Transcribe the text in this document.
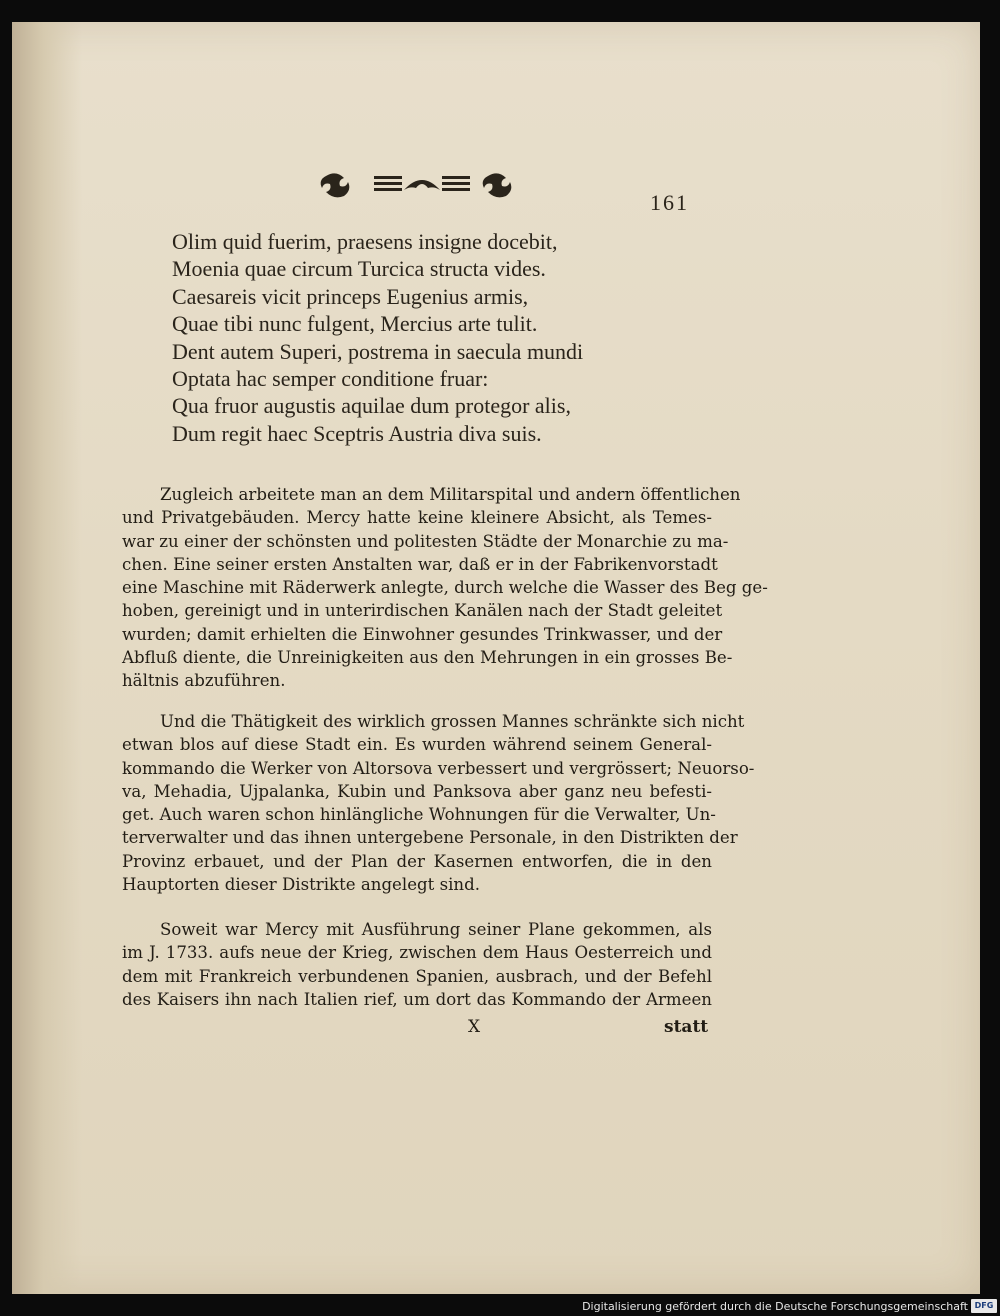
161
Olim quid fuerim, praesens insigne docebit,
Moenia quae circum Turcica structa vides.
Caesareis vicit princeps Eugenius armis,
Quae tibi nunc fulgent, Mercius arte tulit.
Dent autem Superi, postrema in saecula mundi
Optata hac semper conditione fruar:
Qua fruor augustis aquilae dum protegor alis,
Dum regit haec Sceptris Austria diva suis.
Zugleich arbeitete man an dem Militarspital und andern öffentlichen
und Privatgebäuden. Mercy hatte keine kleinere Absicht, als Temes-
war zu einer der schönsten und politesten Städte der Monarchie zu ma-
chen. Eine seiner ersten Anstalten war, daß er in der Fabrikenvorstadt
eine Maschine mit Räderwerk anlegte, durch welche die Wasser des Beg ge-
hoben, gereinigt und in unterirdischen Kanälen nach der Stadt geleitet
wurden; damit erhielten die Einwohner gesundes Trinkwasser, und der
Abfluß diente, die Unreinigkeiten aus den Mehrungen in ein grosses Be-
hältnis abzuführen.
Und die Thätigkeit des wirklich grossen Mannes schränkte sich nicht
etwan blos auf diese Stadt ein. Es wurden während seinem General-
kommando die Werker von Altorsova verbessert und vergrössert; Neuorso-
va, Mehadia, Ujpalanka, Kubin und Panksova aber ganz neu befesti-
get. Auch waren schon hinlängliche Wohnungen für die Verwalter, Un-
terverwalter und das ihnen untergebene Personale, in den Distrikten der
Provinz erbauet, und der Plan der Kasernen entworfen, die in den
Hauptorten dieser Distrikte angelegt sind.
Soweit war Mercy mit Ausführung seiner Plane gekommen, als
im J. 1733. aufs neue der Krieg, zwischen dem Haus Oesterreich und
dem mit Frankreich verbundenen Spanien, ausbrach, und der Befehl
des Kaisers ihn nach Italien rief, um dort das Kommando der Armeen
X	statt
Digitalisierung gefördert durch die Deutsche Forschungsgemeinschaft DFG
